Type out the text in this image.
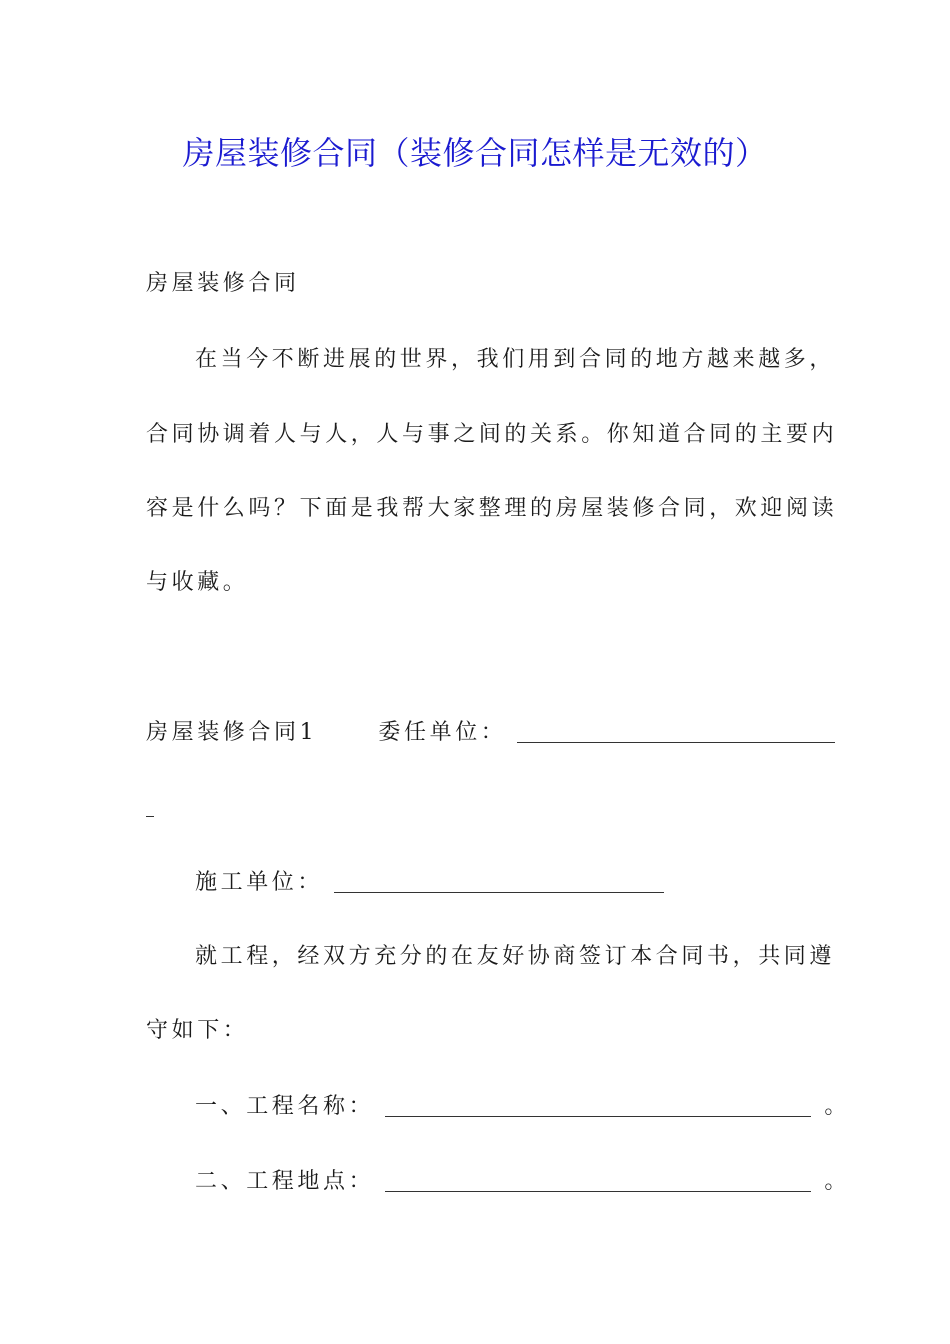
房屋装修合同（装修合同怎样是无效的）
房屋装修合同
在当今不断进展的世界，我们用到合同的地方越来越多，
合同协调着人与人，人与事之间的关系。你知道合同的主要内
容是什么吗？下面是我帮大家整理的房屋装修合同，欢迎阅读
与收藏。
房屋装修合同1	委任单位：
施工单位：
就工程，经双方充分的在友好协商签订本合同书，共同遵
守如下：
一、工程名称：	。
二、工程地点：	。
